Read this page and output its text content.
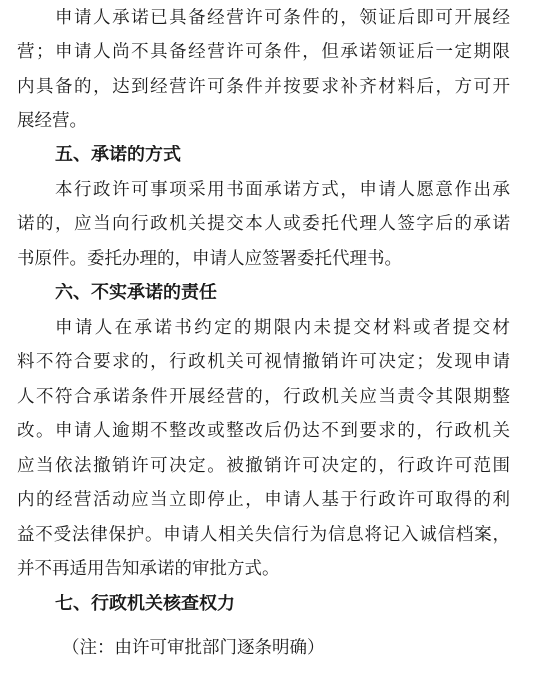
申请人承诺已具备经营许可条件的，领证后即可开展经
营；申请人尚不具备经营许可条件，但承诺领证后一定期限
内具备的，达到经营许可条件并按要求补齐材料后，方可开
展经营。
五、承诺的方式
本行政许可事项采用书面承诺方式，申请人愿意作出承
诺的，应当向行政机关提交本人或委托代理人签字后的承诺
书原件。委托办理的，申请人应签署委托代理书。
六、不实承诺的责任
申请人在承诺书约定的期限内未提交材料或者提交材
料不符合要求的，行政机关可视情撤销许可决定；发现申请
人不符合承诺条件开展经营的，行政机关应当责令其限期整
改。申请人逾期不整改或整改后仍达不到要求的，行政机关
应当依法撤销许可决定。被撤销许可决定的，行政许可范围
内的经营活动应当立即停止，申请人基于行政许可取得的利
益不受法律保护。申请人相关失信行为信息将记入诚信档案，
并不再适用告知承诺的审批方式。
七、行政机关核查权力
（注：由许可审批部门逐条明确）
